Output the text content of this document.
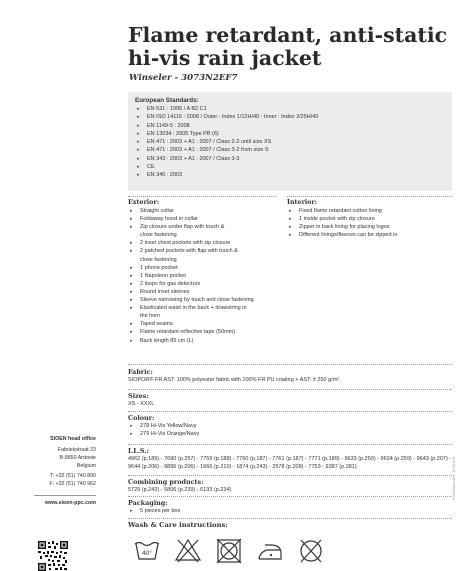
Flame retardant, anti-static hi-vis rain jacket
Winseler - 3073N2EF7
European Standards:
▸ EN 531 : 1995 / A B2 C1
▸ EN ISO 14116 : 2008 / Outer : Index 1/12H/40 - Inner : Index 3/25H/40
▸ EN 1149-5 : 2008
▸ EN 13034 : 2005 Type PB (6)
▸ EN 471 : 2003 + A1 : 2007 / Class 2-2 until size XS
▸ EN 471 : 2003 + A1 : 2007 / Class 3-2 from size S
▸ EN 343 : 2003 + A1 : 2007 / Class 3-3
▸ CE
▸ EN 340 : 2003
Exterior:
▸ Straight collar
▸ Foldaway hood in collar
▸ Zip closure under flap with touch &
close fastening
▸ 2 inset chest pockets with zip closure
▸ 2 patched pockets with flap with touch &
close fastening
▸ 1 phone pocket
▸ 1 Napoleon pocket
▸ 2 loops for gas detectors
▸ Round inset sleeves
▸ Sleeve narrowing by touch and close fastening
▸ Elasticated waist in the back + drawstring in
the hem
▸ Taped seams
▸ Flame retardant reflective tape (50mm)
▸ Back length 85 cm (L)
Interior:
▸ Fixed flame retardant cotton lining
▸ 1 inside pocket with zip closure
▸ Zipper in back lining for placing logos
▸ Different linings/fleeces can be zipped in
Fabric:
SIOPOR® FR AST: 100% polyester fabric with 100% FR PU coating + AST; ± 250 g/m²
Sizes:
XS - XXXL
Colour:
▸ 278 Hi-Vis Yellow/Navy
▸ 279 Hi-Vis Orange/Navy
I.L.S.:
4962 (p.189) - 7690 (p.257) - 7759 (p.188) - 7760 (p.187) - 7761 (p.187) - 7771 (p.189) - 9633 (p.259) - 9634 (p.259) - 9643 (p.207) - 9644 (p.206) - 9896 (p.206) - 1666 (p.210) - 1874 (p.243) - 2578 (p.208) - 7753 - 9387 (p.281)
Combining products:
5729 (p.243) - 5806 (p.239) - 6133 (p.234)
Packaging:
▸ 5 pieces per box
Wash & Care instructions:
40°
SIOEN head office
Fabriekstraat 23
B-8850 Ardooie
Belgium
T: +32 (51) 740 800
F: +32 (51) 740 962
www.sioen-ppc.com
Modifications date: 10-03-2011
